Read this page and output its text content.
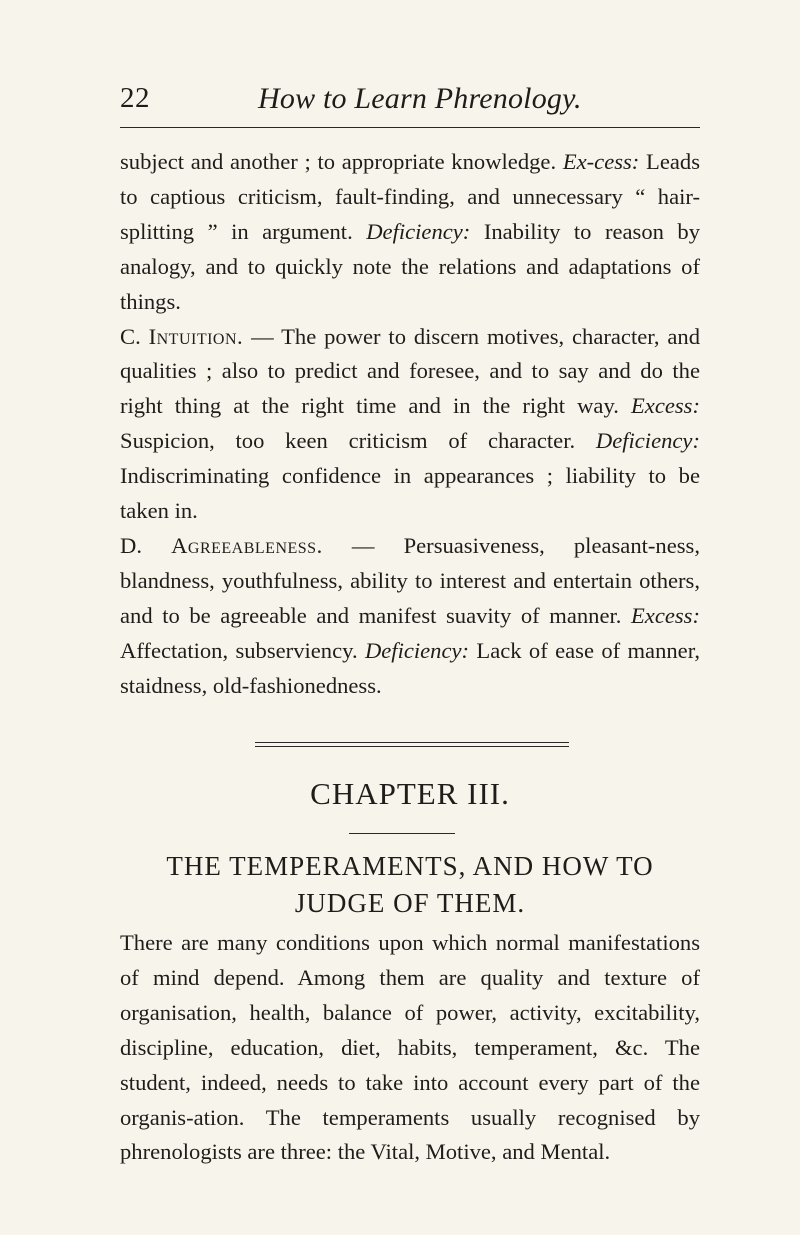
22	How to Learn Phrenology.

subject and another ; to appropriate knowledge. Ex-cess: Leads to captious criticism, fault-finding, and unnecessary “ hair-splitting ” in argument. Deficiency: Inability to reason by analogy, and to quickly note the relations and adaptations of things.

C. Intuition. — The power to discern motives, character, and qualities ; also to predict and foresee, and to say and do the right thing at the right time and in the right way. Excess: Suspicion, too keen criticism of character. Deficiency: Indiscriminating confidence in appearances ; liability to be taken in.

D. Agreeableness. — Persuasiveness, pleasant-ness, blandness, youthfulness, ability to interest and entertain others, and to be agreeable and manifest suavity of manner. Excess: Affectation, subserviency. Deficiency: Lack of ease of manner, staidness, old-fashionedness.

CHAPTER III.
THE TEMPERAMENTS, AND HOW TO
JUDGE OF THEM.

There are many conditions upon which normal manifestations of mind depend. Among them are quality and texture of organisation, health, balance of power, activity, excitability, discipline, education, diet, habits, temperament, &c. The student, indeed, needs to take into account every part of the organis-ation. The temperaments usually recognised by phrenologists are three: the Vital, Motive, and Mental.
